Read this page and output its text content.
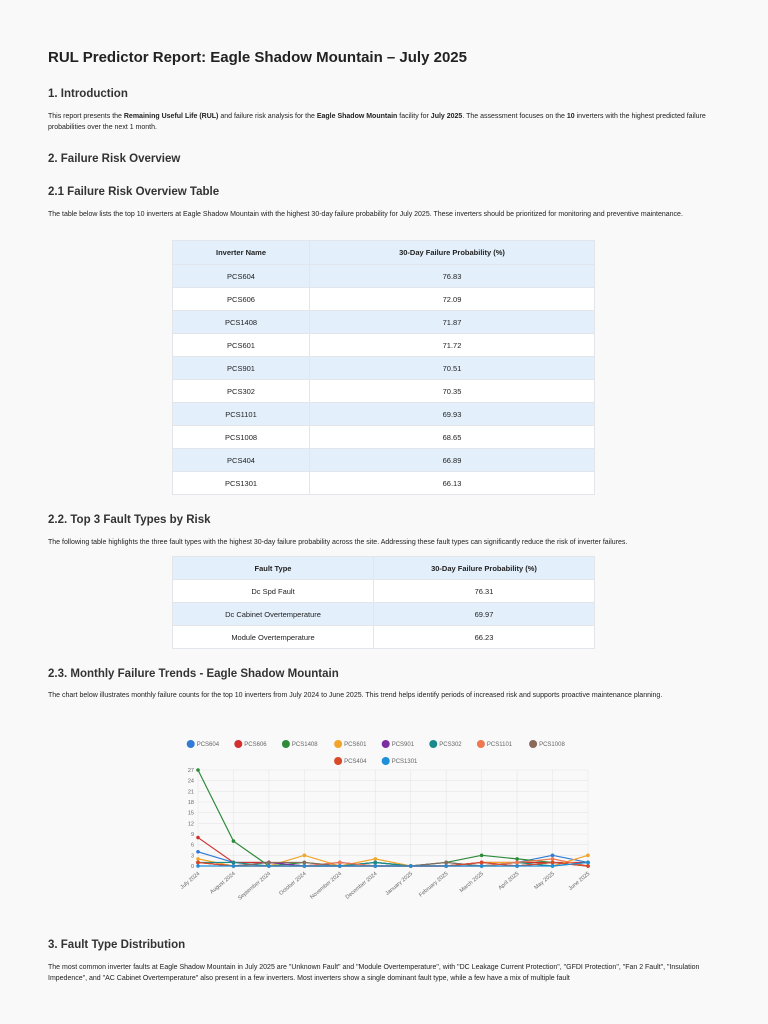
RUL Predictor Report: Eagle Shadow Mountain – July 2025
1. Introduction

This report presents the Remaining Useful Life (RUL) and failure risk analysis for the Eagle Shadow Mountain facility for July 2025. The assessment focuses on the 10 inverters with the highest predicted failure probabilities over the next 1 month.

2. Failure Risk Overview
2.1 Failure Risk Overview Table

The table below lists the top 10 inverters at Eagle Shadow Mountain with the highest 30-day failure probability for July 2025. These inverters should be prioritized for monitoring and preventive maintenance.

Inverter Name	30-Day Failure Probability (%)
PCS604	76.83
PCS606	72.09
PCS1408	71.87
PCS601	71.72
PCS901	70.51
PCS302	70.35
PCS1101	69.93
PCS1008	68.65
PCS404	66.89
PCS1301	66.13
2.2. Top 3 Fault Types by Risk

The following table highlights the three fault types with the highest 30-day failure probability across the site. Addressing these fault types can significantly reduce the risk of inverter failures.

Fault Type	30-Day Failure Probability (%)
Dc Spd Fault	76.31
Dc Cabinet Overtemperature	69.97
Module Overtemperature	66.23
2.3. Monthly Failure Trends - Eagle Shadow Mountain

The chart below illustrates monthly failure counts for the top 10 inverters from July 2024 to June 2025. This trend helps identify periods of increased risk and supports proactive maintenance planning.

PCS604	PCS606	PCS1408	PCS601	PCS901	PCS302	PCS1101	PCS1008
PCS404	PCS1301
0
3
6
9
12
15
18
21
24
27
July 2024 August 2024 September 2024 October 2024 November 2024 December 2024 January 2025 February 2025 March 2025 April 2025 May 2025 June 2025
3. Fault Type Distribution

The most common inverter faults at Eagle Shadow Mountain in July 2025 are "Unknown Fault" and "Module Overtemperature", with "DC Leakage Current Protection", "GFDI Protection", "Fan 2 Fault", "Insulation Impedence", and "AC Cabinet Overtemperature" also present in a few inverters. Most inverters show a single dominant fault type, while a few have a mix of multiple fault
